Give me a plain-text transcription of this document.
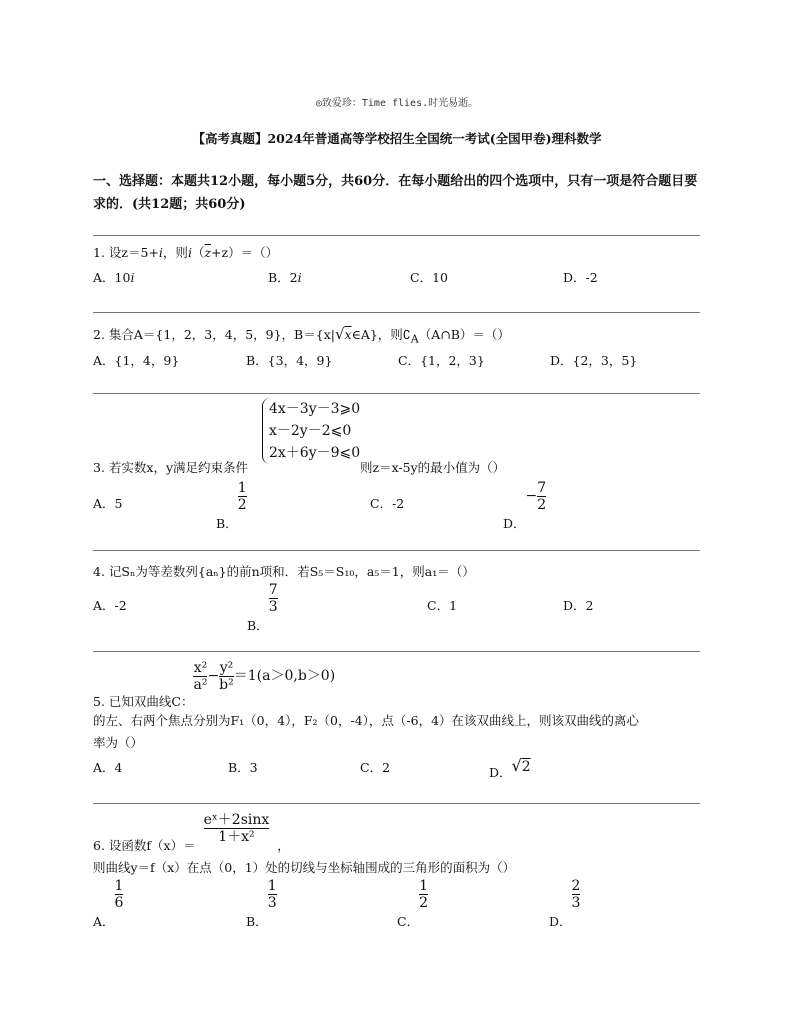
◎致爱珍：Time flies.时光易逝。
【高考真题】2024年普通高等学校招生全国统一考试(全国甲卷)理科数学
一、选择题：本题共12小题，每小题5分，共60分．在每小题给出的四个选项中，只有一项是符合题目要求的．(共12题；共60分)
1. 设z＝5+i，则$i(\overline{z}+z)=()$
A．10i	B．2i	C．10	D．-2
2. 集合A＝{1，2，3，4，5，9}，B＝{x|√x∈A}，则$∁_A(A\cap B)=()$
A．{1，4，9}	B．{3，4，9}	C．{1，2，3}	D．{2，3，5}
4x－3y－3⩾0
x－2y－2⩽0
2x＋6y－9⩽0
3. 若实数x，y满足约束条件	则z＝x-5y的最小值为（）
A．5
B．
$\frac{1}{2}$	C．-2
D．− $\frac{7}{2}$
4. 记Sₙ为等差数列{aₙ}的前n项和．若S₅＝S₁₀，a₅＝1，则a₁＝（）
A．-2
B．
$\frac{7}{3}$	C．1	D．2
5. 已知双曲线C：
$\frac{\text{x²}}{\text{a²}} - \frac{\text{y²}}{\text{b²}} =1(a>0,b>0)$
的左、右两个焦点分别为F₁（0，4），F₂（0，-4），点（-6，4）在该双曲线上，则该双曲线的离心
率为（）
A．4	B．3	C．2	D．√2
6. 设函数f（x）＝
$\frac{\text{eˣ＋2sinx}}{\text{1＋x²}}$
，
则曲线y＝f（x）在点（0，1）处的切线与坐标轴围成的三角形的面积为（）
A．
$\frac{1}{6}$
B．
$\frac{1}{3}$
C．
$\frac{1}{2}$
D．
$\frac{2}{3}$
